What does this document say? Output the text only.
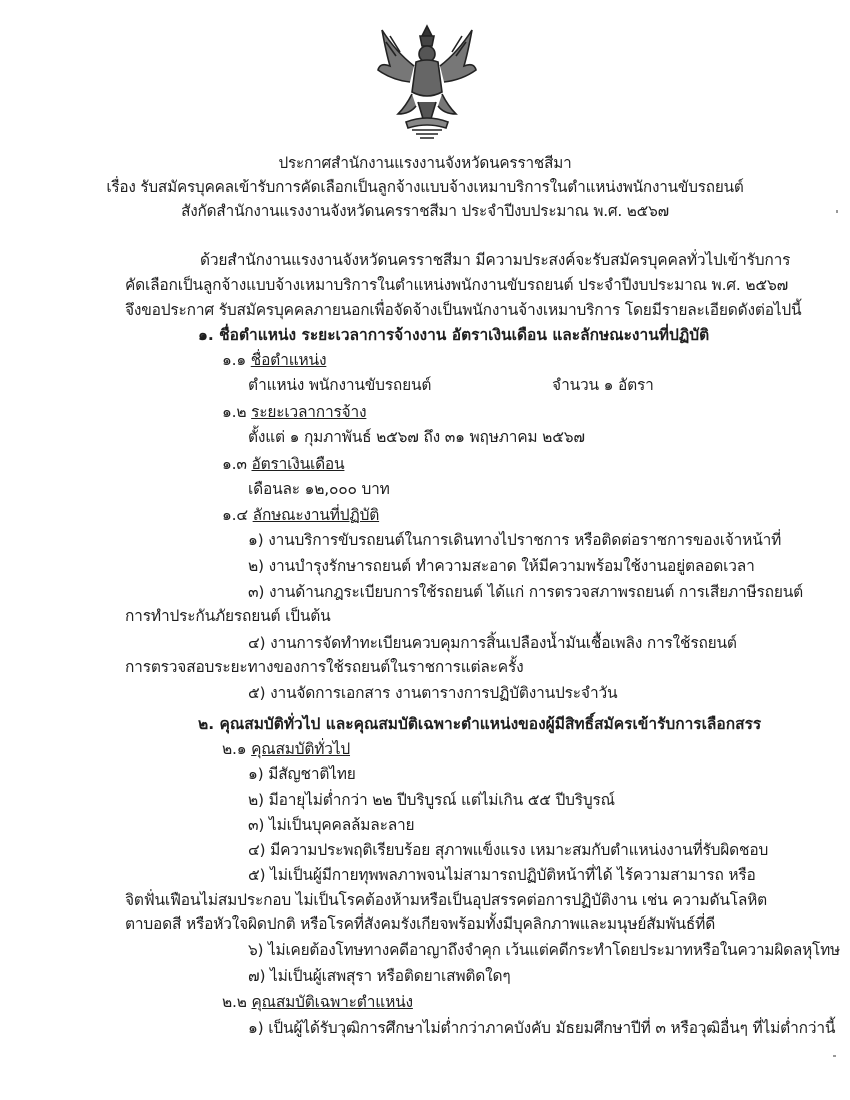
ประกาศสำนักงานแรงงานจังหวัดนครราชสีมา
เรื่อง รับสมัครบุคคลเข้ารับการคัดเลือกเป็นลูกจ้างแบบจ้างเหมาบริการในตำแหน่งพนักงานขับรถยนต์
สังกัดสำนักงานแรงงานจังหวัดนครราชสีมา ประจำปีงบประมาณ พ.ศ. ๒๕๖๗
ด้วยสำนักงานแรงงานจังหวัดนครราชสีมา มีความประสงค์จะรับสมัครบุคคลทั่วไปเข้ารับการ
คัดเลือกเป็นลูกจ้างแบบจ้างเหมาบริการในตำแหน่งพนักงานขับรถยนต์ ประจำปีงบประมาณ พ.ศ. ๒๕๖๗
จึงขอประกาศ รับสมัครบุคคลภายนอกเพื่อจัดจ้างเป็นพนักงานจ้างเหมาบริการ โดยมีรายละเอียดดังต่อไปนี้
๑. ชื่อตำแหน่ง ระยะเวลาการจ้างงาน อัตราเงินเดือน และลักษณะงานที่ปฏิบัติ
๑.๑ ชื่อตำแหน่ง
ตำแหน่ง พนักงานขับรถยนต์	จำนวน ๑ อัตรา
๑.๒ ระยะเวลาการจ้าง
ตั้งแต่ ๑ กุมภาพันธ์ ๒๕๖๗ ถึง ๓๑ พฤษภาคม ๒๕๖๗
๑.๓ อัตราเงินเดือน
เดือนละ ๑๒,๐๐๐ บาท
๑.๔ ลักษณะงานที่ปฏิบัติ
๑) งานบริการขับรถยนต์ในการเดินทางไปราชการ หรือติดต่อราชการของเจ้าหน้าที่
๒) งานบำรุงรักษารถยนต์ ทำความสะอาด ให้มีความพร้อมใช้งานอยู่ตลอดเวลา
๓) งานด้านกฎระเบียบการใช้รถยนต์ ได้แก่ การตรวจสภาพรถยนต์ การเสียภาษีรถยนต์
การทำประกันภัยรถยนต์ เป็นต้น
๔) งานการจัดทำทะเบียนควบคุมการสิ้นเปลืองน้ำมันเชื้อเพลิง การใช้รถยนต์
การตรวจสอบระยะทางของการใช้รถยนต์ในราชการแต่ละครั้ง
๕) งานจัดการเอกสาร งานตารางการปฏิบัติงานประจำวัน
๒. คุณสมบัติทั่วไป และคุณสมบัติเฉพาะตำแหน่งของผู้มีสิทธิ์สมัครเข้ารับการเลือกสรร
๒.๑ คุณสมบัติทั่วไป
๑) มีสัญชาติไทย
๒) มีอายุไม่ต่ำกว่า ๒๒ ปีบริบูรณ์ แต่ไม่เกิน ๕๕ ปีบริบูรณ์
๓) ไม่เป็นบุคคลล้มละลาย
๔) มีความประพฤติเรียบร้อย สุภาพแข็งแรง เหมาะสมกับตำแหน่งงานที่รับผิดชอบ
๕) ไม่เป็นผู้มีกายทุพพลภาพจนไม่สามารถปฏิบัติหน้าที่ได้ ไร้ความสามารถ หรือ
จิตฟั่นเฟือนไม่สมประกอบ ไม่เป็นโรคต้องห้ามหรือเป็นอุปสรรคต่อการปฏิบัติงาน เช่น ความดันโลหิต
ตาบอดสี หรือหัวใจผิดปกติ หรือโรคที่สังคมรังเกียจพร้อมทั้งมีบุคลิกภาพและมนุษย์สัมพันธ์ที่ดี
๖) ไม่เคยต้องโทษทางคดีอาญาถึงจำคุก เว้นแต่คดีกระทำโดยประมาทหรือในความผิดลหุโทษ
๗) ไม่เป็นผู้เสพสุรา หรือติดยาเสพติดใดๆ
๒.๒ คุณสมบัติเฉพาะตำแหน่ง
๑) เป็นผู้ได้รับวุฒิการศึกษาไม่ต่ำกว่าภาคบังคับ มัธยมศึกษาปีที่ ๓ หรือวุฒิอื่นๆ ที่ไม่ต่ำกว่านี้
